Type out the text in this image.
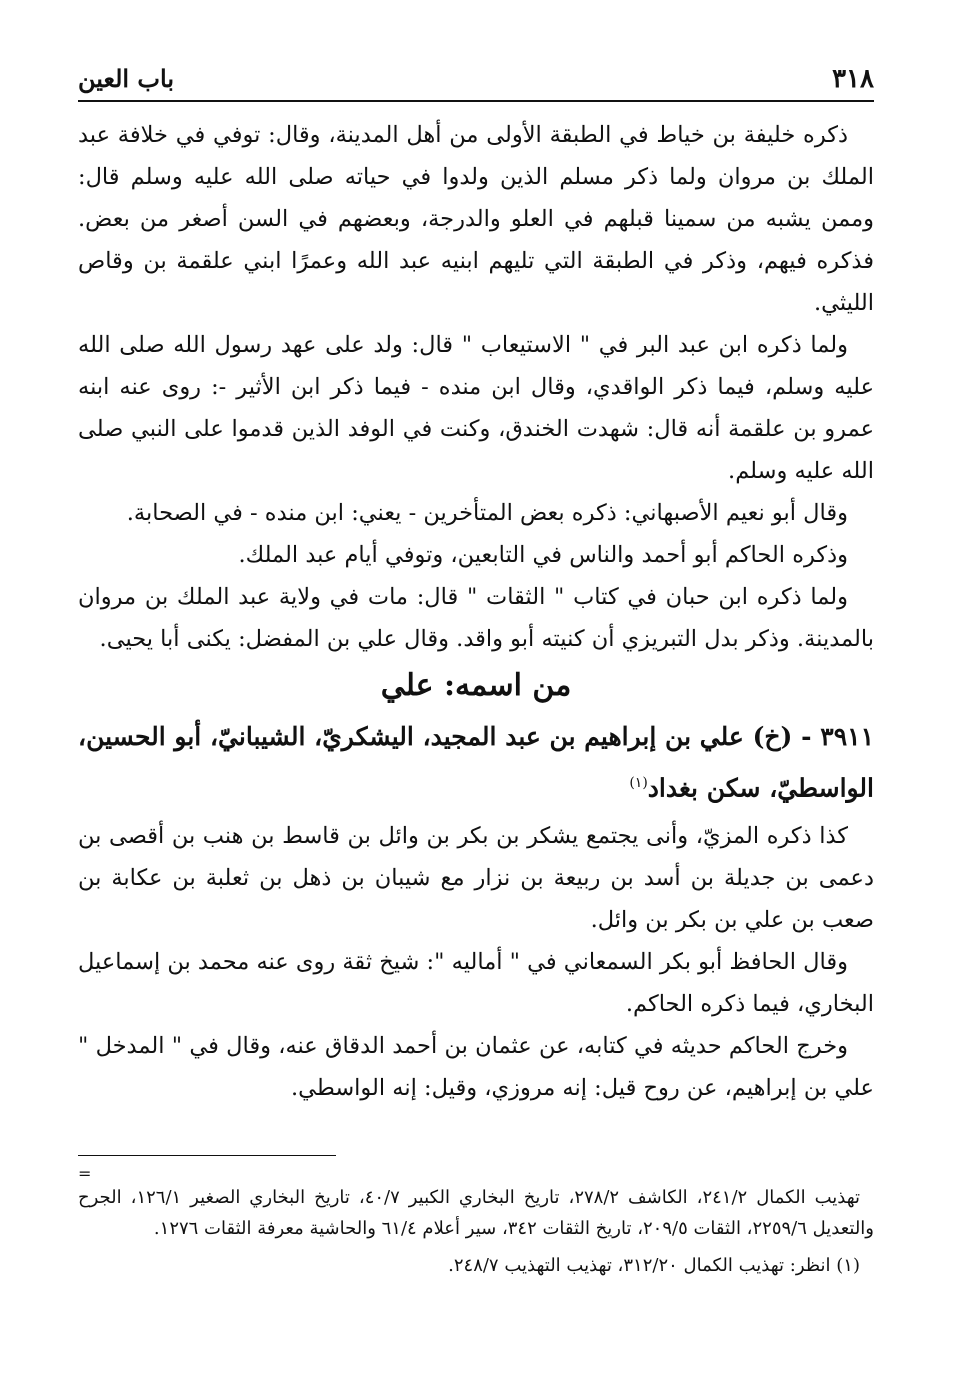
٣١٨
باب العين

ذكره خليفة بن خياط في الطبقة الأولى من أهل المدينة، وقال: توفي في خلافة عبد الملك بن مروان ولما ذكر مسلم الذين ولدوا في حياته صلى الله عليه وسلم قال: وممن يشبه من سمينا قبلهم في العلو والدرجة، وبعضهم في السن أصغر من بعض. فذكره فيهم، وذكر في الطبقة التي تليهم ابنيه عبد الله وعمرًا ابني علقمة بن وقاص الليثي.

ولما ذكره ابن عبد البر في " الاستيعاب " قال: ولد على عهد رسول الله صلى الله عليه وسلم، فيما ذكر الواقدي، وقال ابن منده - فيما ذكر ابن الأثير -: روى عنه ابنه عمرو بن علقمة أنه قال: شهدت الخندق، وكنت في الوفد الذين قدموا على النبي صلى الله عليه وسلم.

وقال أبو نعيم الأصبهاني: ذكره بعض المتأخرين - يعني: ابن منده - في الصحابة.

وذكره الحاكم أبو أحمد والناس في التابعين، وتوفي أيام عبد الملك.

ولما ذكره ابن حبان في كتاب " الثقات " قال: مات في ولاية عبد الملك بن مروان بالمدينة. وذكر بدل التبريزي أن كنيته أبو واقد. وقال علي بن المفضل: يكنى أبا يحيى.

من اسمه: علي
٣٩١١ - (خ) علي بن إبراهيم بن عبد المجيد، اليشكريّ، الشيبانيّ، أبو الحسين، الواسطيّ، سكن بغداد$^{(١)}$

كذا ذكره المزيّ، وأنى يجتمع يشكر بن بكر بن وائل بن قاسط بن هنب بن أقصى بن دعمى بن جديلة بن أسد بن ربيعة بن نزار مع شيبان بن ذهل بن ثعلبة بن عكابة بن صعب بن علي بن بكر بن وائل.

وقال الحافظ أبو بكر السمعاني في " أماليه ": شيخ ثقة روى عنه محمد بن إسماعيل البخاري، فيما ذكره الحاكم.

وخرج الحاكم حديثه في كتابه، عن عثمان بن أحمد الدقاق عنه، وقال في " المدخل " علي بن إبراهيم، عن روح قيل: إنه مروزي، وقيل: إنه الواسطي.

=

تهذيب الكمال ٢٤١/٢، الكاشف ٢٧٨/٢، تاريخ البخاري الكبير ٤٠/٧، تاريخ البخاري الصغير ١٢٦/١، الجرح والتعديل ٢٢٥٩/٦، الثقات ٢٠٩/٥، تاريخ الثقات ٣٤٢، سير أعلام ٦١/٤ والحاشية معرفة الثقات ١٢٧٦.

(١) انظر: تهذيب الكمال ٣١٢/٢٠، تهذيب التهذيب ٢٤٨/٧.
